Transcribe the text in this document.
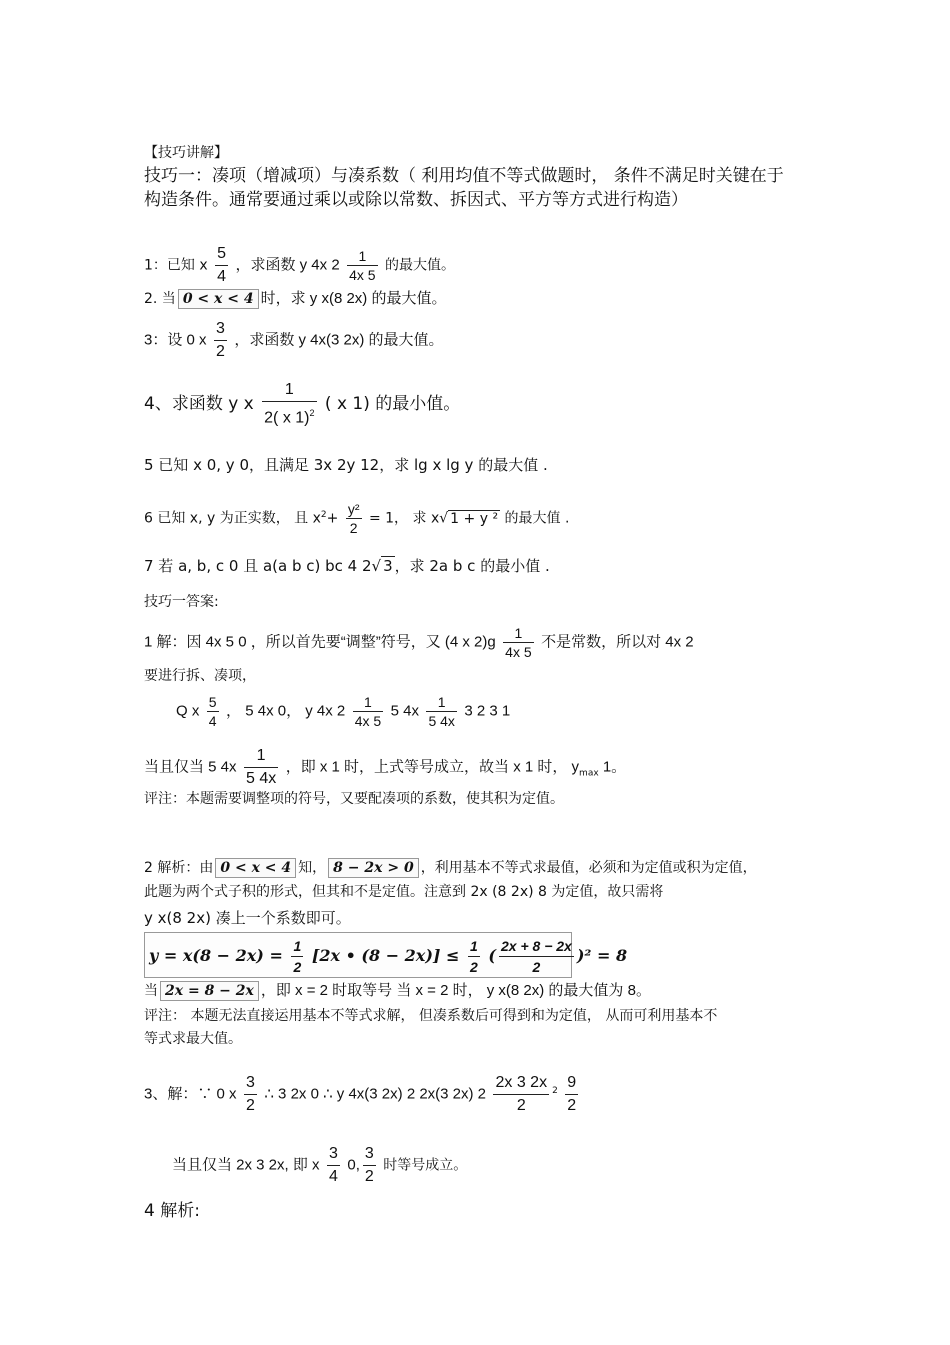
【技巧讲解】
技巧一：凑项（增减项）与凑系数（ 利用均值不等式做题时， 条件不满足时关键在于
构造条件。通常要通过乘以或除以常数、拆因式、平方等方式进行构造）
1：已知 x $\frac{5}{4}$ ，求函数 y 4x $2 \frac{1}{4x 5}$ 的最大值。
2. 当 0 < x < 4 时，求 y x(8 2x) 的最大值。
3：设 0 x $\frac{3}{2}$ ，求函数 y 4x(3 2x) 的最大值。
4、求函数 y x $\frac{1}{2( x 1)^2}$ ( x 1) 的最小值。
5 已知 x 0, y 0，且满足 3x 2y 12，求 lg x lg y 的最大值 .
6 已知 x, y 为正实数， 且 $x^2+ \frac{\text{y²}}{2} = 1$， 求 x√ 1 + y ² 的最大值 .
7 若 a, b, c 0 且 a(a b c) bc 4 2√ 3 ，求 2a b c 的最小值 .
技巧一答案:
1 解：因 4x 5 0 ，所以首先要“调整”符号，又 (4 x $2)g \frac{1}{4x 5}$ 不是常数，所以对 4x 2
要进行拆、凑项，
Q x $\frac{5}{4}$ ， 5 4x 0， y 4x $2 \frac{1}{4x 5} 5$ $4x \frac{1}{5 4x} 3$ 2 3 1
当且仅当 5 $4x \frac{1}{5 4x}$ ，即 x 1 时，上式等号成立，故当 x 1 时， $y_{max}$ 1。
评注：本题需要调整项的符号，又要配凑项的系数，使其积为定值。
2 解析：由 0 < x < 4 知， 8 − 2x > 0 ，利用基本不等式求最值，必须和为定值或积为定值，
此题为两个式子积的形式，但其和不是定值。注意到 2x (8 2x) 8 为定值，故只需将
y x(8 2x) 凑上一个系数即可。
$y = x(8 - 2x) = \frac{1}{2} [2x$ • $(8 - 2x)] \le \frac{1}{2}$ ( $\frac{2x + 8 - 2x}{2} )^2 = 8$
当 2x = 8 − 2x ，即 x = 2 时取等号 当 x = 2 时， y x(8 2x) 的最大值为 8。
评注： 本题无法直接运用基本不等式求解， 但凑系数后可得到和为定值， 从而可利用基本不
等式求最大值。
3、解：∵ 0 x $\frac{3}{2}$ ∴ 3 2x 0 ∴ y 4x(3 2x) 2 2x(3 2x) $2 \frac{2x 3 2x}{2} ^2 \frac{9}{2}$
当且仅当 2x 3 2x, 即 x $\frac{3}{4} 0$, $\frac{3}{2}$ 时等号成立。
4 解析:
